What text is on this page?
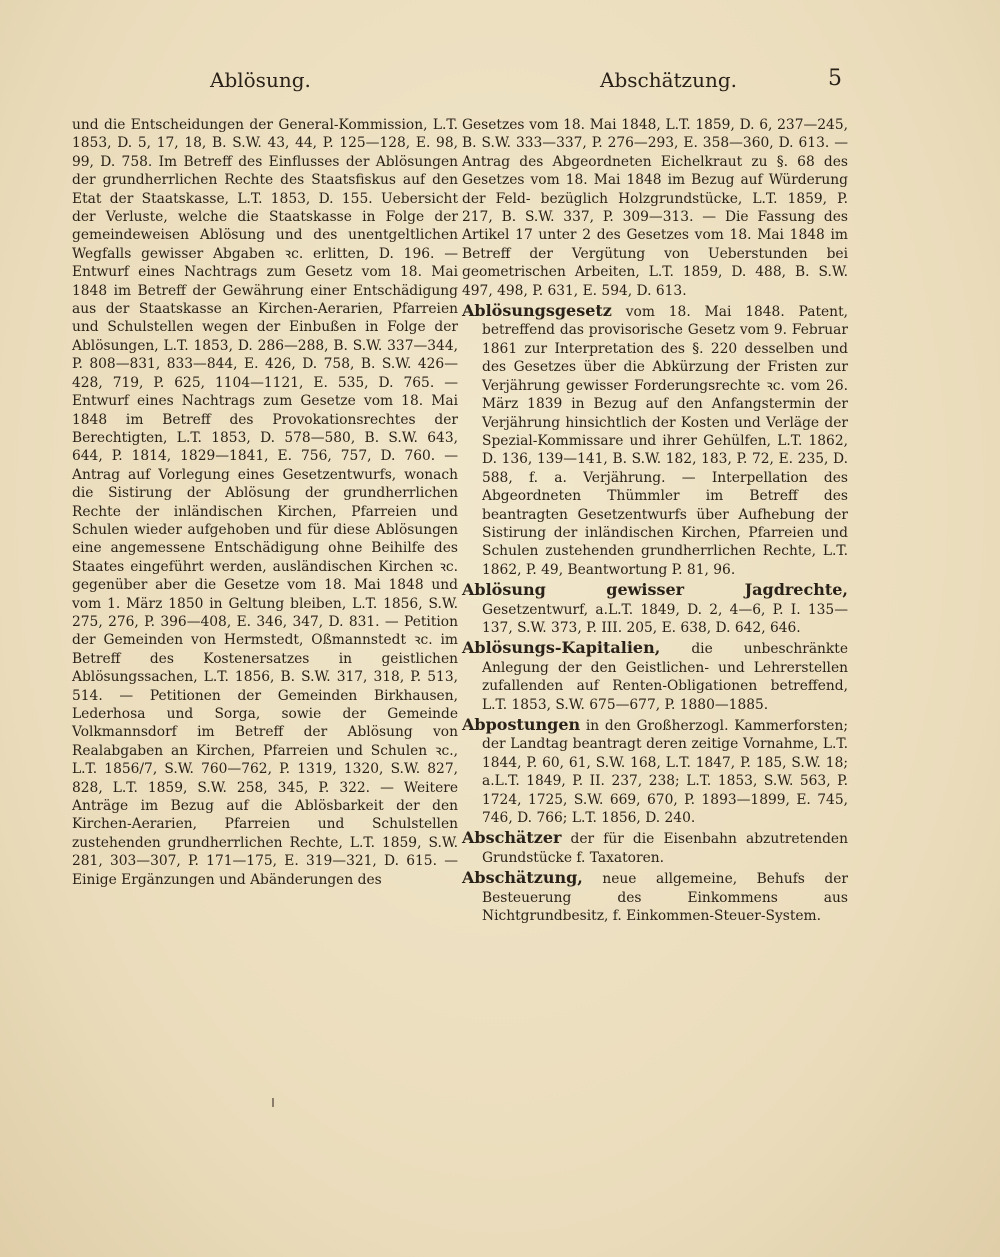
Ablösung.	Abschätzung.	5

und die Entscheidungen der General-Kommission, L.T. 1853, D. 5, 17, 18, B. S.W. 43, 44, P. 125—128, E. 98, 99, D. 758. Im Betreff des Einflusses der Ablösungen der grundherrlichen Rechte des Staatsfiskus auf den Etat der Staatskasse, L.T. 1853, D. 155. Uebersicht der Verluste, welche die Staatskasse in Folge der gemeindeweisen Ablösung und des unentgeltlichen Wegfalls gewisser Abgaben ꝛc. erlitten, D. 196. — Entwurf eines Nachtrags zum Gesetz vom 18. Mai 1848 im Betreff der Gewährung einer Entschädigung aus der Staatskasse an Kirchen-Aerarien, Pfarreien und Schulstellen wegen der Einbußen in Folge der Ablösungen, L.T. 1853, D. 286—288, B. S.W. 337—344, P. 808—831, 833—844, E. 426, D. 758, B. S.W. 426—428, 719, P. 625, 1104—1121, E. 535, D. 765. — Entwurf eines Nachtrags zum Gesetze vom 18. Mai 1848 im Betreff des Provokationsrechtes der Berechtigten, L.T. 1853, D. 578—580, B. S.W. 643, 644, P. 1814, 1829—1841, E. 756, 757, D. 760. — Antrag auf Vorlegung eines Gesetzentwurfs, wonach die Sistirung der Ablösung der grundherrlichen Rechte der inländischen Kirchen, Pfarreien und Schulen wieder aufgehoben und für diese Ablösungen eine angemessene Entschädigung ohne Beihilfe des Staates eingeführt werden, ausländischen Kirchen ꝛc. gegenüber aber die Gesetze vom 18. Mai 1848 und vom 1. März 1850 in Geltung bleiben, L.T. 1856, S.W. 275, 276, P. 396—408, E. 346, 347, D. 831. — Petition der Gemeinden von Hermstedt, Oßmannstedt ꝛc. im Betreff des Kostenersatzes in geistlichen Ablösungssachen, L.T. 1856, B. S.W. 317, 318, P. 513, 514. — Petitionen der Gemeinden Birkhausen, Lederhosa und Sorga, sowie der Gemeinde Volkmannsdorf im Betreff der Ablösung von Realabgaben an Kirchen, Pfarreien und Schulen ꝛc., L.T. 1856/7, S.W. 760—762, P. 1319, 1320, S.W. 827, 828, L.T. 1859, S.W. 258, 345, P. 322. — Weitere Anträge im Bezug auf die Ablösbarkeit der den Kirchen-Aerarien, Pfarreien und Schulstellen zustehenden grundherrlichen Rechte, L.T. 1859, S.W. 281, 303—307, P. 171—175, E. 319—321, D. 615. — Einige Ergänzungen und Abänderungen des

Gesetzes vom 18. Mai 1848, L.T. 1859, D. 6, 237—245, B. S.W. 333—337, P. 276—293, E. 358—360, D. 613. — Antrag des Abgeordneten Eichelkraut zu §. 68 des Gesetzes vom 18. Mai 1848 im Bezug auf Würderung der Feld- bezüglich Holzgrundstücke, L.T. 1859, P. 217, B. S.W. 337, P. 309—313. — Die Fassung des Artikel 17 unter 2 des Gesetzes vom 18. Mai 1848 im Betreff der Vergütung von Ueberstunden bei geometrischen Arbeiten, L.T. 1859, D. 488, B. S.W. 497, 498, P. 631, E. 594, D. 613.

Ablösungsgesetz vom 18. Mai 1848. Patent, betreffend das provisorische Gesetz vom 9. Februar 1861 zur Interpretation des §. 220 desselben und des Gesetzes über die Abkürzung der Fristen zur Verjährung gewisser Forderungsrechte ꝛc. vom 26. März 1839 in Bezug auf den Anfangstermin der Verjährung hinsichtlich der Kosten und Verläge der Spezial-Kommissare und ihrer Gehülfen, L.T. 1862, D. 136, 139—141, B. S.W. 182, 183, P. 72, E. 235, D. 588, f. a. Verjährung. — Interpellation des Abgeordneten Thümmler im Betreff des beantragten Gesetzentwurfs über Aufhebung der Sistirung der inländischen Kirchen, Pfarreien und Schulen zustehenden grundherrlichen Rechte, L.T. 1862, P. 49, Beantwortung P. 81, 96.

Ablösung gewisser Jagdrechte, Gesetzentwurf, a.L.T. 1849, D. 2, 4—6, P. I. 135—137, S.W. 373, P. III. 205, E. 638, D. 642, 646.

Ablösungs-Kapitalien, die unbeschränkte Anlegung der den Geistlichen- und Lehrerstellen zufallenden auf Renten-Obligationen betreffend, L.T. 1853, S.W. 675—677, P. 1880—1885.

Abpostungen in den Großherzogl. Kammerforsten; der Landtag beantragt deren zeitige Vornahme, L.T. 1844, P. 60, 61, S.W. 168, L.T. 1847, P. 185, S.W. 18; a.L.T. 1849, P. II. 237, 238; L.T. 1853, S.W. 563, P. 1724, 1725, S.W. 669, 670, P. 1893—1899, E. 745, 746, D. 766; L.T. 1856, D. 240.

Abschätzer der für die Eisenbahn abzutretenden Grundstücke f. Taxatoren.

Abschätzung, neue allgemeine, Behufs der Besteuerung des Einkommens aus Nichtgrundbesitz, f. Einkommen-Steuer-System.
